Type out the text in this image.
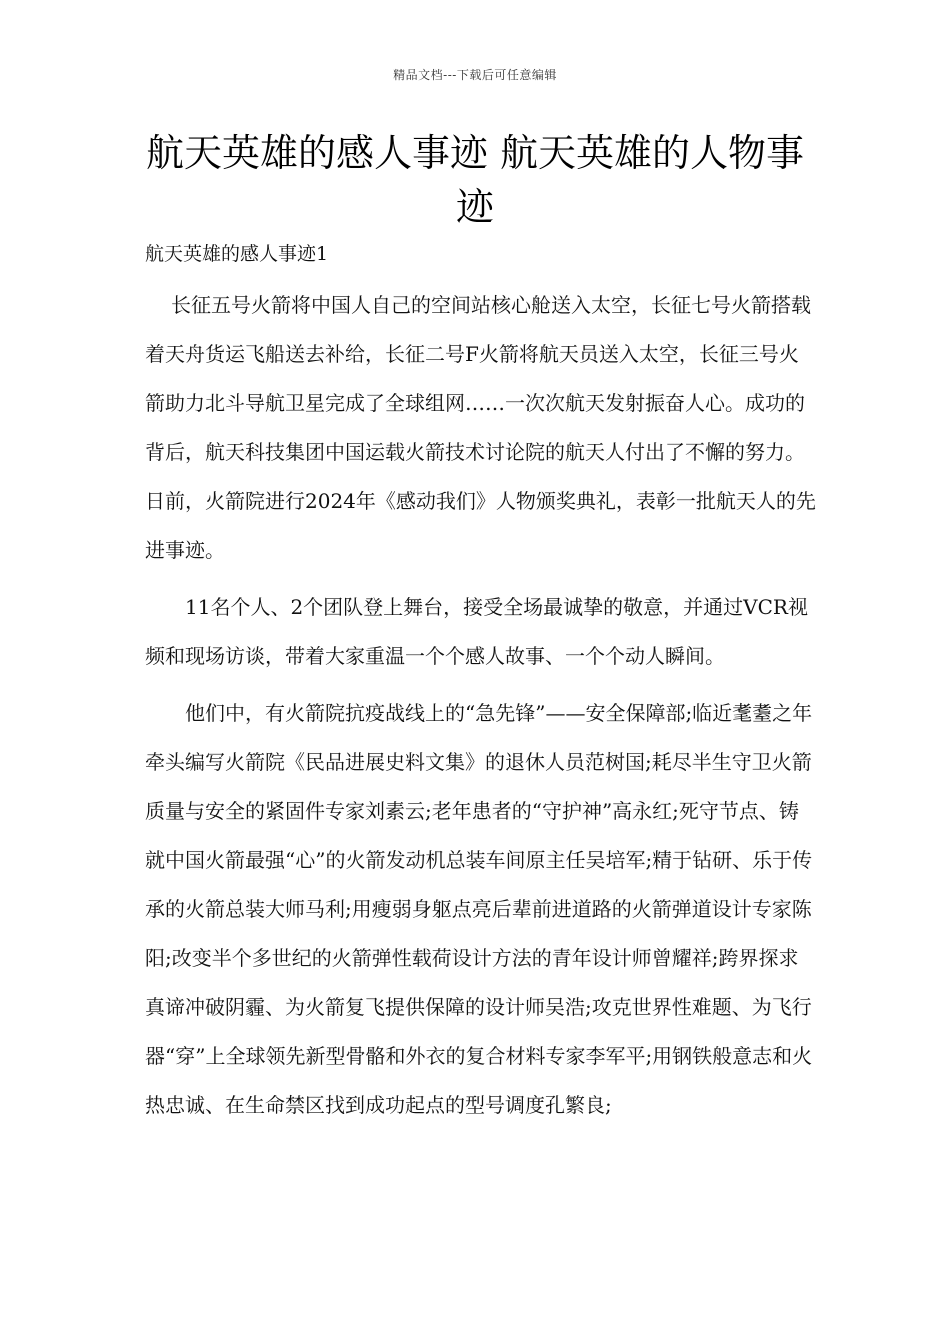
精品文档---下载后可任意编辑
航天英雄的感人事迹 航天英雄的人物事迹

航天英雄的感人事迹1

长征五号火箭将中国人自己的空间站核心舱送入太空，长征七号火箭搭载着天舟货运飞船送去补给，长征二号F火箭将航天员送入太空，长征三号火箭助力北斗导航卫星完成了全球组网……一次次航天发射振奋人心。成功的背后，航天科技集团中国运载火箭技术讨论院的航天人付出了不懈的努力。日前，火箭院进行2024年《感动我们》人物颁奖典礼，表彰一批航天人的先进事迹。

11名个人、2个团队登上舞台，接受全场最诚挚的敬意，并通过VCR视频和现场访谈，带着大家重温一个个感人故事、一个个动人瞬间。

他们中，有火箭院抗疫战线上的“急先锋”——安全保障部;临近耄耋之年牵头编写火箭院《民品进展史料文集》的退休人员范树国;耗尽半生守卫火箭质量与安全的紧固件专家刘素云;老年患者的“守护神”高永红;死守节点、铸就中国火箭最强“心”的火箭发动机总装车间原主任吴培军;精于钻研、乐于传承的火箭总装大师马利;用瘦弱身躯点亮后辈前进道路的火箭弹道设计专家陈阳;改变半个多世纪的火箭弹性载荷设计方法的青年设计师曾耀祥;跨界探求真谛冲破阴霾、为火箭复飞提供保障的设计师吴浩;攻克世界性难题、为飞行器“穿”上全球领先新型骨骼和外衣的复合材料专家李军平;用钢铁般意志和火热忠诚、在生命禁区找到成功起点的型号调度孔繁良;
